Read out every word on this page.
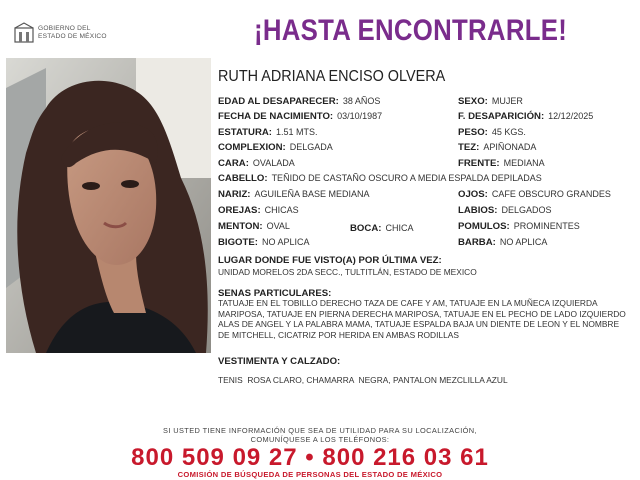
GOBIERNO DEL
ESTADO DE MÉXICO	¡HASTA ENCONTRARLE!
RUTH ADRIANA ENCISO OLVERA
EDAD AL DESAPARECER: 38 AÑOS	SEXO: MUJER
FECHA DE NACIMIENTO: 03/10/1987	F. DESAPARICIÓN: 12/12/2025
ESTATURA: 1.51 MTS.	PESO: 45 KGS.
COMPLEXION: DELGADA	TEZ: APIÑONADA
CARA: OVALADA	FRENTE: MEDIANA
CABELLO: TEÑIDO DE CASTAÑO OSCURO A MEDIA ESPALDA DEPILADAS
NARIZ: AGUILEÑA BASE MEDIANA	OJOS: CAFE OBSCURO GRANDES
OREJAS: CHICAS	LABIOS: DELGADOS
MENTON: OVAL	BOCA: CHICA	POMULOS: PROMINENTES
BIGOTE: NO APLICA	BARBA: NO APLICA
LUGAR DONDE FUE VISTO(A) POR ÚLTIMA VEZ:
UNIDAD MORELOS 2DA SECC., TULTITLÁN, ESTADO DE MEXICO
SENAS PARTICULARES:
TATUAJE EN EL TOBILLO DERECHO TAZA DE CAFE Y AM, TATUAJE EN LA MUÑECA IZQUIERDA MARIPOSA, TATUAJE EN PIERNA DERECHA MARIPOSA, TATUAJE EN EL PECHO DE LADO IZQUIERDO ALAS DE ANGEL Y LA PALABRA MAMA, TATUAJE ESPALDA BAJA UN DIENTE DE LEON Y EL NOMBRE DE MITCHELL, CICATRIZ POR HERIDA EN AMBAS RODILLAS
VESTIMENTA Y CALZADO:
TENIS  ROSA CLARO, CHAMARRA  NEGRA, PANTALON MEZCLILLA AZUL
SI USTED TIENE INFORMACIÓN QUE SEA DE UTILIDAD PARA SU LOCALIZACIÓN,
COMUNÍQUESE A LOS TELÉFONOS:
800 509 09 27 • 800 216 03 61
COMISIÓN DE BÚSQUEDA DE PERSONAS DEL ESTADO DE MÉXICO
